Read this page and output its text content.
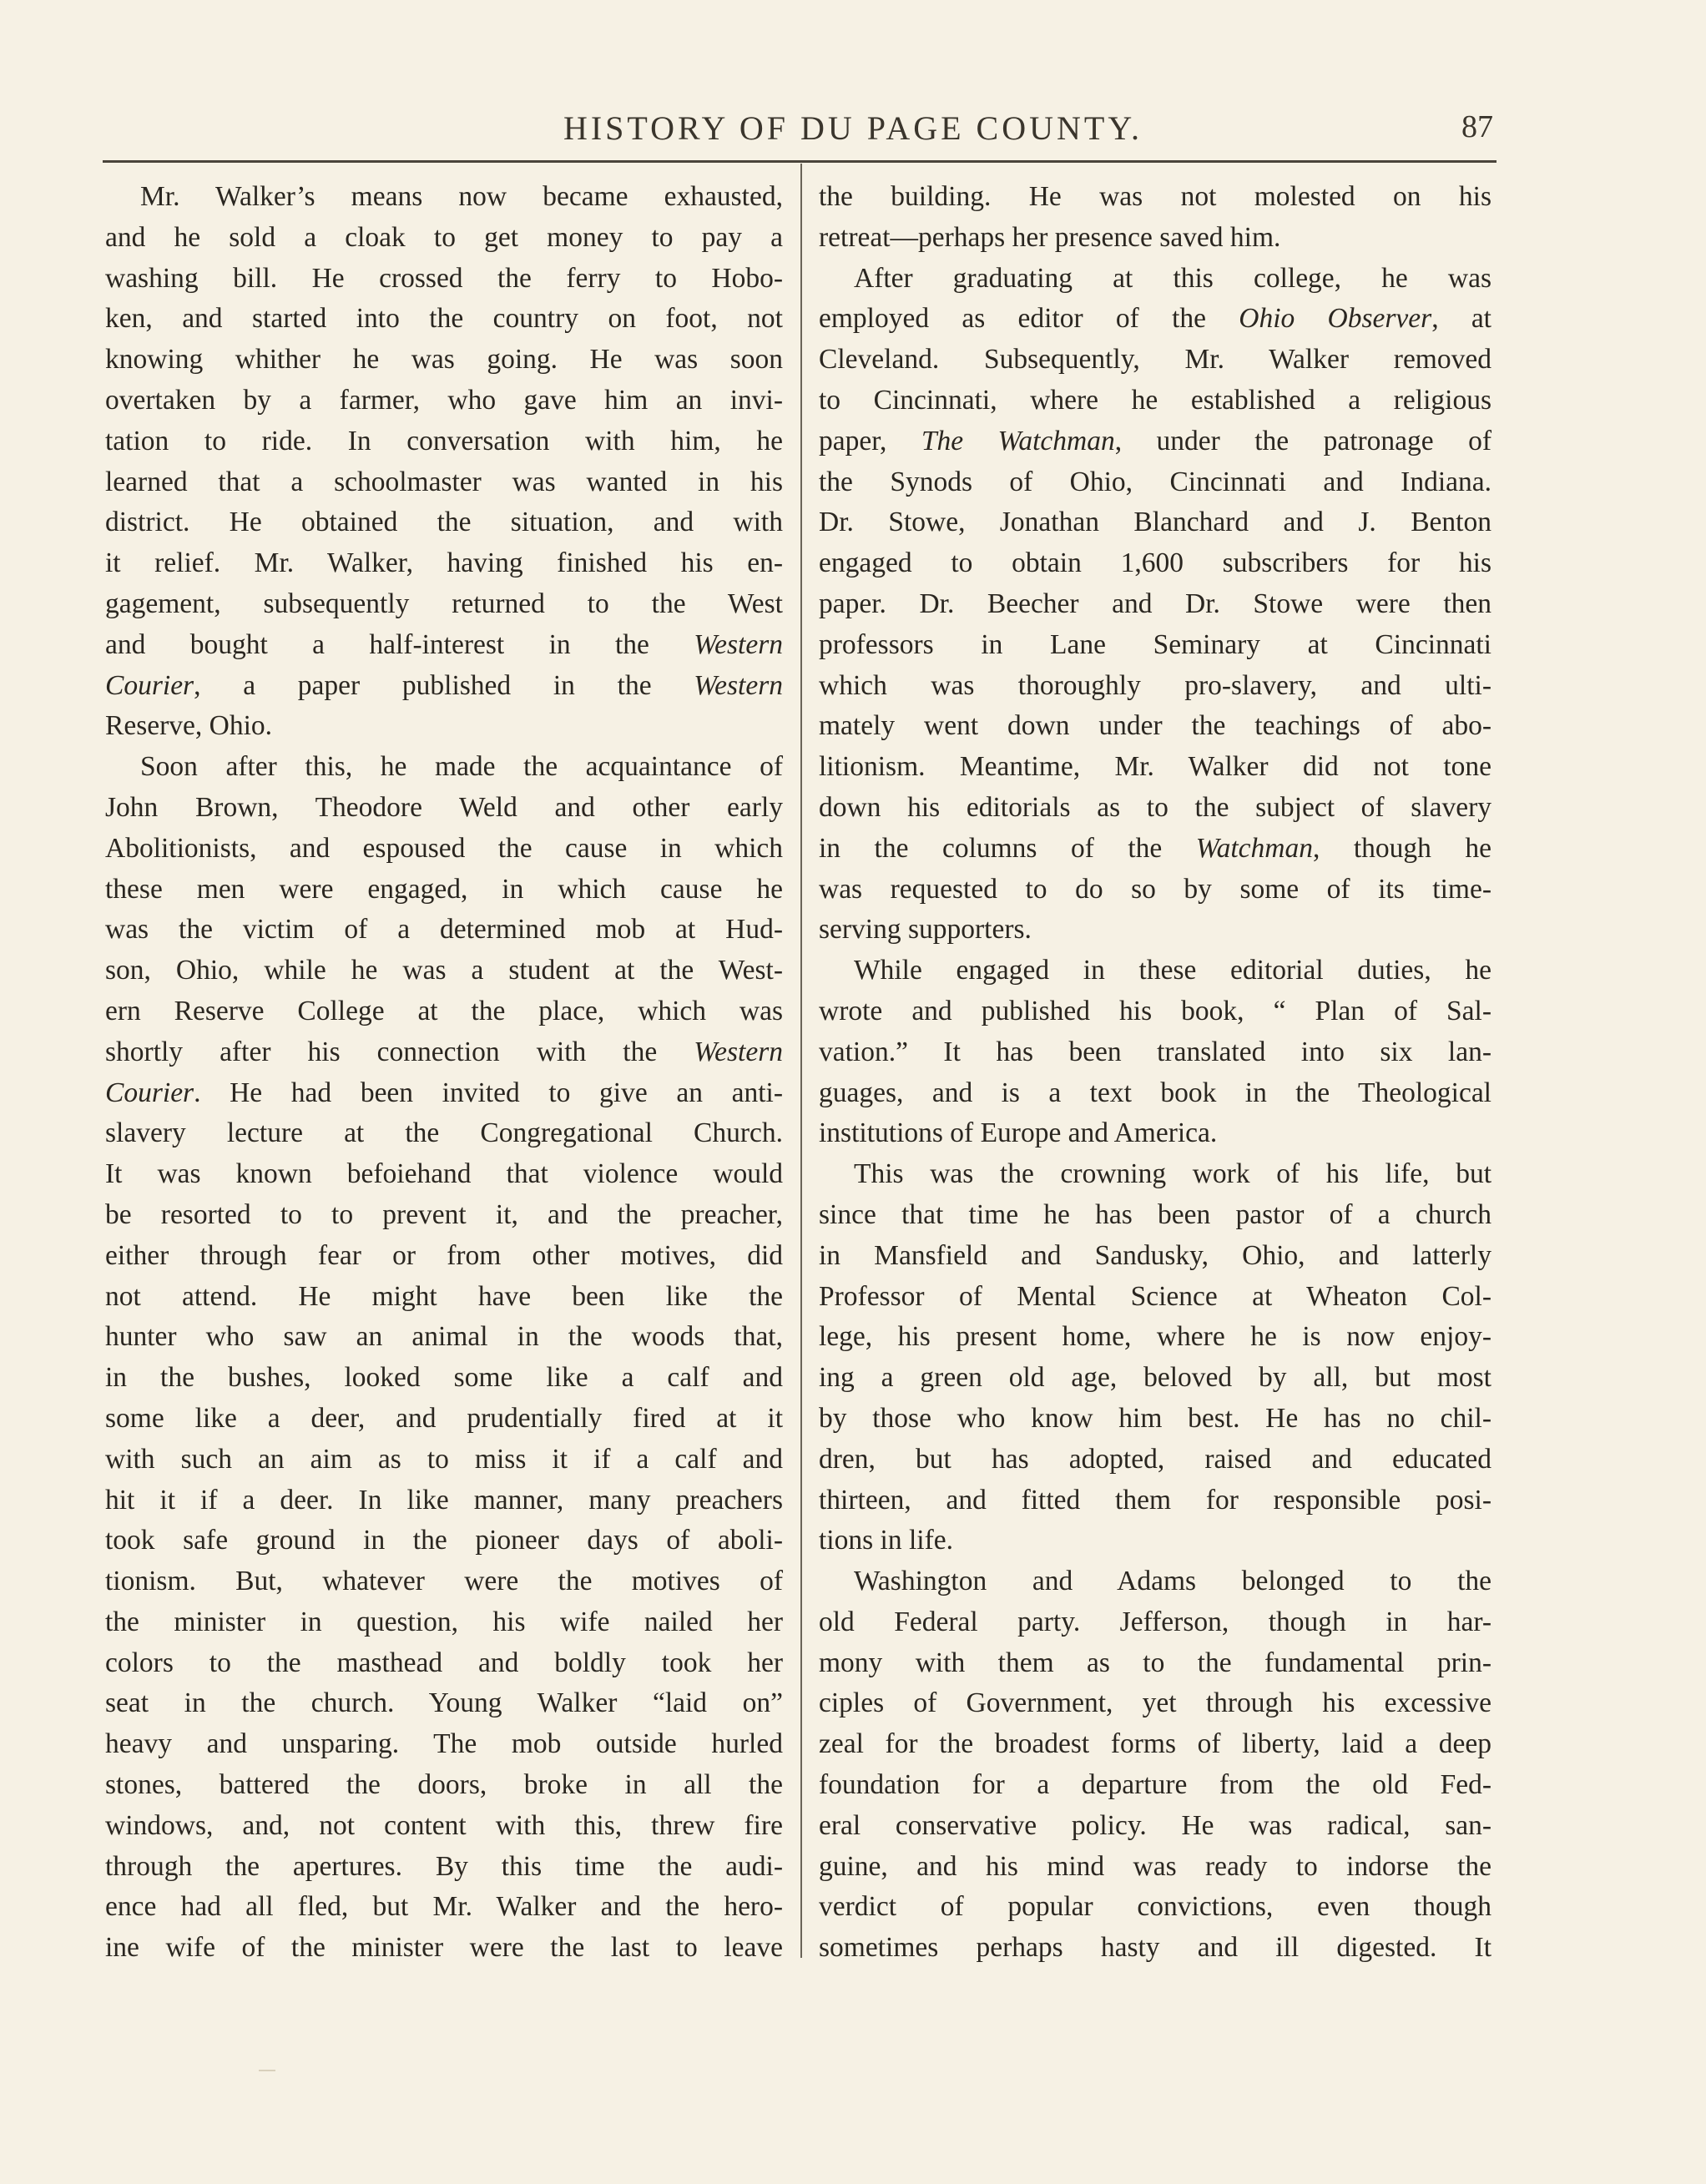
HISTORY OF DU PAGE COUNTY.	87
Mr. Walker’s means now became exhausted,
and he sold a cloak to get money to pay a
washing bill. He crossed the ferry to Hobo-
ken, and started into the country on foot, not
knowing whither he was going. He was soon
overtaken by a farmer, who gave him an invi-
tation to ride. In conversation with him, he
learned that a schoolmaster was wanted in his
district. He obtained the situation, and with
it relief. Mr. Walker, having finished his en-
gagement, subsequently returned to the West
and bought a half-interest in the Western
Courier, a paper published in the Western
Reserve, Ohio.
Soon after this, he made the acquaintance of
John Brown, Theodore Weld and other early
Abolitionists, and espoused the cause in which
these men were engaged, in which cause he
was the victim of a determined mob at Hud-
son, Ohio, while he was a student at the West-
ern Reserve College at the place, which was
shortly after his connection with the Western
Courier. He had been invited to give an anti-
slavery lecture at the Congregational Church.
It was known befoiehand that violence would
be resorted to to prevent it, and the preacher,
either through fear or from other motives, did
not attend. He might have been like the
hunter who saw an animal in the woods that,
in the bushes, looked some like a calf and
some like a deer, and prudentially fired at it
with such an aim as to miss it if a calf and
hit it if a deer. In like manner, many preachers
took safe ground in the pioneer days of aboli-
tionism. But, whatever were the motives of
the minister in question, his wife nailed her
colors to the masthead and boldly took her
seat in the church. Young Walker “laid on”
heavy and unsparing. The mob outside hurled
stones, battered the doors, broke in all the
windows, and, not content with this, threw fire
through the apertures. By this time the audi-
ence had all fled, but Mr. Walker and the hero-
ine wife of the minister were the last to leave
the building. He was not molested on his
retreat—perhaps her presence saved him.
After graduating at this college, he was
employed as editor of the Ohio Observer, at
Cleveland. Subsequently, Mr. Walker removed
to Cincinnati, where he established a religious
paper, The Watchman, under the patronage of
the Synods of Ohio, Cincinnati and Indiana.
Dr. Stowe, Jonathan Blanchard and J. Benton
engaged to obtain 1,600 subscribers for his
paper. Dr. Beecher and Dr. Stowe were then
professors in Lane Seminary at Cincinnati
which was thoroughly pro-slavery, and ulti-
mately went down under the teachings of abo-
litionism. Meantime, Mr. Walker did not tone
down his editorials as to the subject of slavery
in the columns of the Watchman, though he
was requested to do so by some of its time-
serving supporters.
While engaged in these editorial duties, he
wrote and published his book, “ Plan of Sal-
vation.” It has been translated into six lan-
guages, and is a text book in the Theological
institutions of Europe and America.
This was the crowning work of his life, but
since that time he has been pastor of a church
in Mansfield and Sandusky, Ohio, and latterly
Professor of Mental Science at Wheaton Col-
lege, his present home, where he is now enjoy-
ing a green old age, beloved by all, but most
by those who know him best. He has no chil-
dren, but has adopted, raised and educated
thirteen, and fitted them for responsible posi-
tions in life.
Washington and Adams belonged to the
old Federal party. Jefferson, though in har-
mony with them as to the fundamental prin-
ciples of Government, yet through his excessive
zeal for the broadest forms of liberty, laid a deep
foundation for a departure from the old Fed-
eral conservative policy. He was radical, san-
guine, and his mind was ready to indorse the
verdict of popular convictions, even though
sometimes perhaps hasty and ill digested. It
